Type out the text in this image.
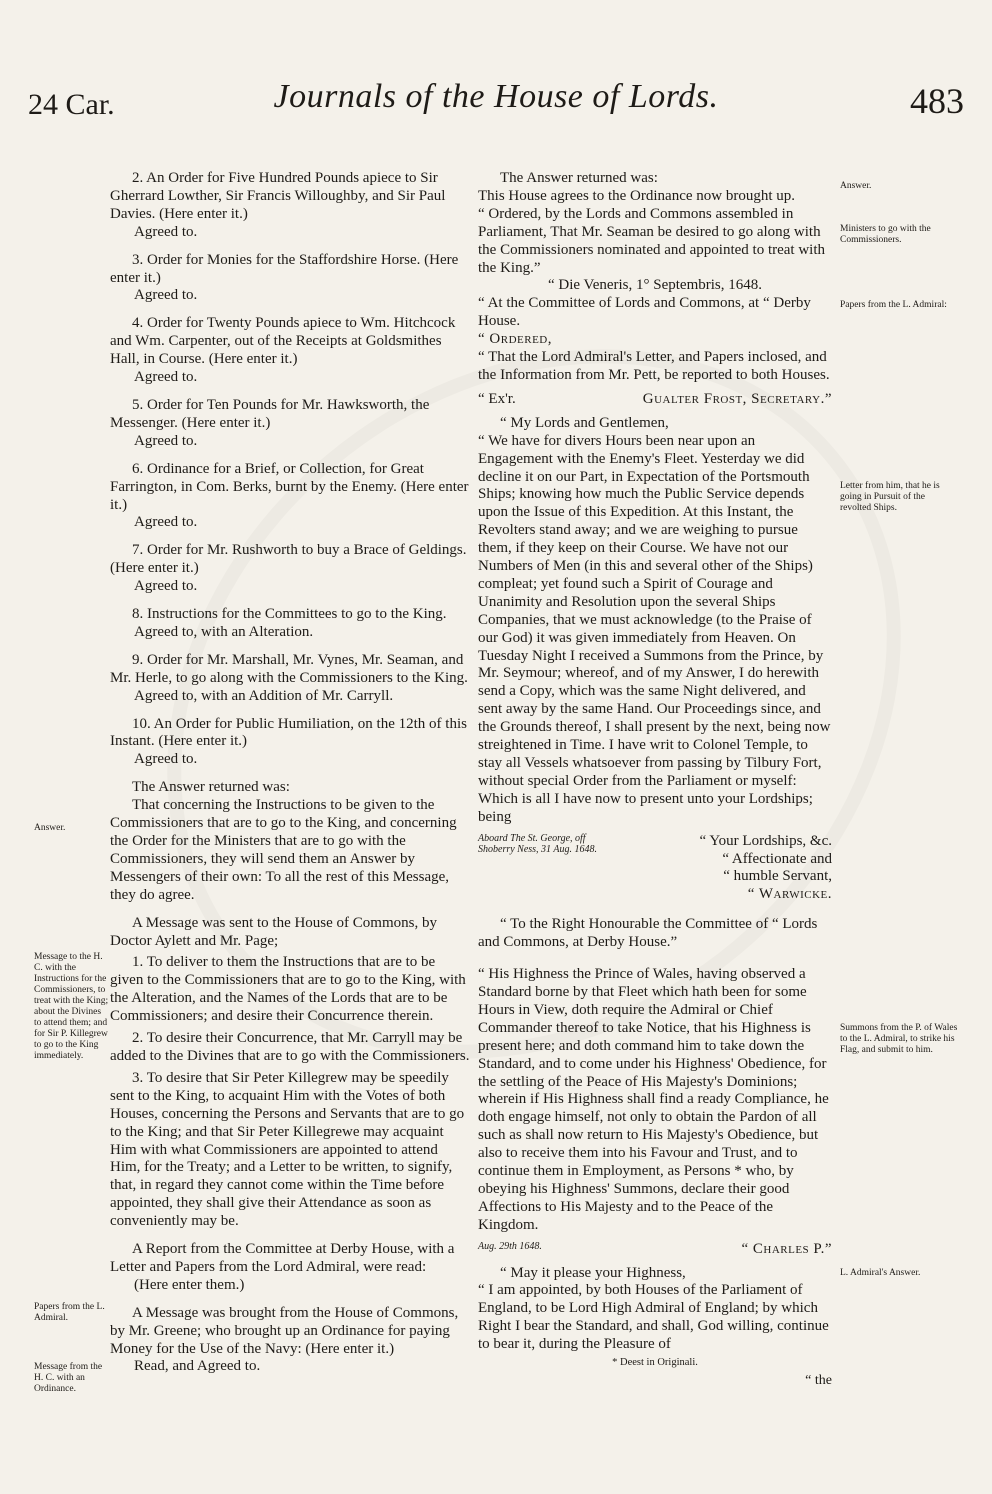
24 Car.	Journals of the House of Lords.	483
Answer.
Message to the H. C. with the Instructions for the Commissioners, to treat with the King; about the Divines to attend them; and for Sir P. Killegrew to go to the King immediately.
Papers from the L. Admiral.
Message from the H. C. with an Ordinance.

2. An Order for Five Hundred Pounds apiece to Sir Gherrard Lowther, Sir Francis Willoughby, and Sir Paul Davies. (Here enter it.)

Agreed to.

3. Order for Monies for the Staffordshire Horse. (Here enter it.)

Agreed to.

4. Order for Twenty Pounds apiece to Wm. Hitchcock and Wm. Carpenter, out of the Receipts at Goldsmithes Hall, in Course. (Here enter it.)

Agreed to.

5. Order for Ten Pounds for Mr. Hawksworth, the Messenger. (Here enter it.)

Agreed to.

6. Ordinance for a Brief, or Collection, for Great Farrington, in Com. Berks, burnt by the Enemy. (Here enter it.)

Agreed to.

7. Order for Mr. Rushworth to buy a Brace of Geldings. (Here enter it.)

Agreed to.

8. Instructions for the Committees to go to the King.

Agreed to, with an Alteration.

9. Order for Mr. Marshall, Mr. Vynes, Mr. Seaman, and Mr. Herle, to go along with the Commissioners to the King.

Agreed to, with an Addition of Mr. Carryll.

10. An Order for Public Humiliation, on the 12th of this Instant. (Here enter it.)

Agreed to.

The Answer returned was:

That concerning the Instructions to be given to the Commissioners that are to go to the King, and concerning the Order for the Ministers that are to go with the Commissioners, they will send them an Answer by Messengers of their own: To all the rest of this Message, they do agree.

A Message was sent to the House of Commons, by Doctor Aylett and Mr. Page;

1. To deliver to them the Instructions that are to be given to the Commissioners that are to go to the King, with the Alteration, and the Names of the Lords that are to be Commissioners; and desire their Concurrence therein.

2. To desire their Concurrence, that Mr. Carryll may be added to the Divines that are to go with the Commissioners.

3. To desire that Sir Peter Killegrew may be speedily sent to the King, to acquaint Him with the Votes of both Houses, concerning the Persons and Servants that are to go to the King; and that Sir Peter Killegrewe may acquaint Him with what Commissioners are appointed to attend Him, for the Treaty; and a Letter to be written, to signify, that, in regard they cannot come within the Time before appointed, they shall give their Attendance as soon as conveniently may be.

A Report from the Committee at Derby House, with a Letter and Papers from the Lord Admiral, were read:

(Here enter them.)

A Message was brought from the House of Commons, by Mr. Greene; who brought up an Ordinance for paying Money for the Use of the Navy: (Here enter it.)

Read, and Agreed to.

The Answer returned was:

This House agrees to the Ordinance now brought up.

“ Ordered, by the Lords and Commons assembled in Parliament, That Mr. Seaman be desired to go along with the Commissioners nominated and appointed to treat with the King.”

“ Die Veneris, 1° Septembris, 1648.

“ At the Committee of Lords and Commons, at “ Derby House.

“ Ordered,

“ That the Lord Admiral's Letter, and Papers inclosed, and the Information from Mr. Pett, be reported to both Houses.

“ Ex'r.	Gualter Frost, Secretary.”

“ My Lords and Gentlemen,

“ We have for divers Hours been near upon an Engagement with the Enemy's Fleet. Yesterday we did decline it on our Part, in Expectation of the Portsmouth Ships; knowing how much the Public Service depends upon the Issue of this Expedition. At this Instant, the Revolters stand away; and we are weighing to pursue them, if they keep on their Course. We have not our Numbers of Men (in this and several other of the Ships) compleat; yet found such a Spirit of Courage and Unanimity and Resolution upon the several Ships Companies, that we must acknowledge (to the Praise of our God) it was given immediately from Heaven. On Tuesday Night I received a Summons from the Prince, by Mr. Seymour; whereof, and of my Answer, I do herewith send a Copy, which was the same Night delivered, and sent away by the same Hand. Our Proceedings since, and the Grounds thereof, I shall present by the next, being now streightened in Time. I have writ to Colonel Temple, to stay all Vessels whatsoever from passing by Tilbury Fort, without special Order from the Parliament or myself: Which is all I have now to present unto your Lordships; being

Aboard The St. George, off Shoberry Ness, 31 Aug. 1648.
“ Your Lordships, &c.
“ Affectionate and
“ humble Servant,
“ Warwicke.

“ To the Right Honourable the Committee of “ Lords and Commons, at Derby House.”

“ His Highness the Prince of Wales, having observed a Standard borne by that Fleet which hath been for some Hours in View, doth require the Admiral or Chief Commander thereof to take Notice, that his Highness is present here; and doth command him to take down the Standard, and to come under his Highness' Obedience, for the settling of the Peace of His Majesty's Dominions; wherein if His Highness shall find a ready Compliance, he doth engage himself, not only to obtain the Pardon of all such as shall now return to His Majesty's Obedience, but also to receive them into his Favour and Trust, and to continue them in Employment, as Persons * who, by obeying his Highness' Summons, declare their good Affections to His Majesty and to the Peace of the Kingdom.

Aug. 29th 1648.	“ Charles P.”

“ May it please your Highness,

“ I am appointed, by both Houses of the Parliament of England, to be Lord High Admiral of England; by which Right I bear the Standard, and shall, God willing, continue to bear it, during the Pleasure of

* Deest in Originali.

“ the

Answer.
Ministers to go with the Commissioners.
Papers from the L. Admiral:
Letter from him, that he is going in Pursuit of the revolted Ships.
Summons from the P. of Wales to the L. Admiral, to strike his Flag, and submit to him.
L. Admiral's Answer.
